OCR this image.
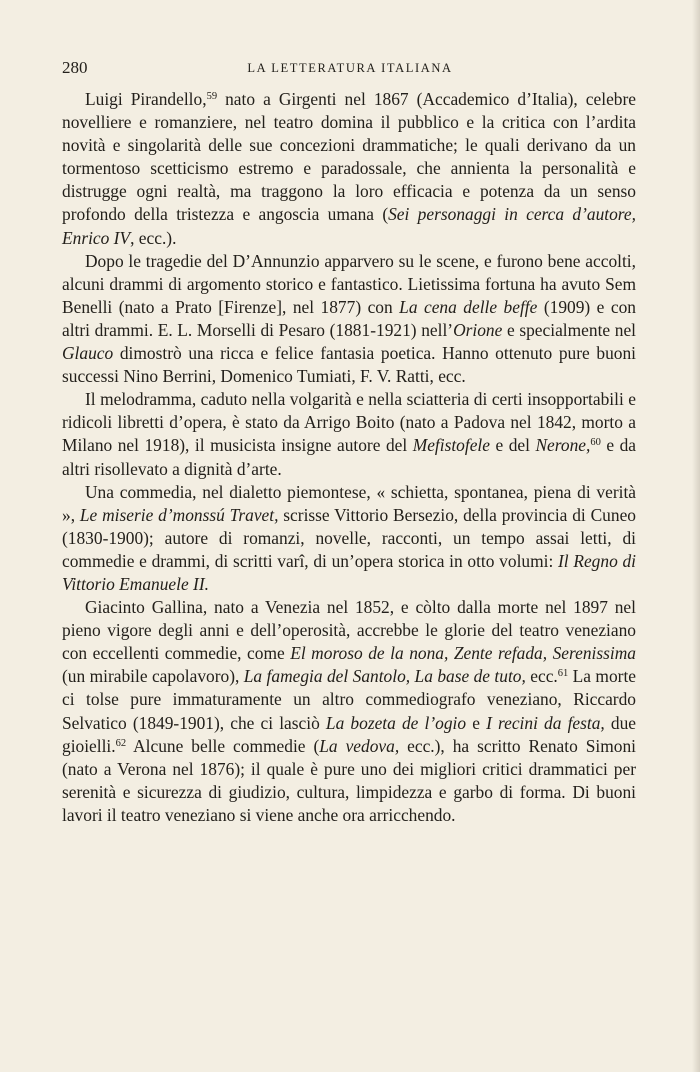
280	LA LETTERATURA ITALIANA

Luigi Pirandello,$^{59}$ nato a Girgenti nel 1867 (Accademico d’Italia), celebre novelliere e romanziere, nel teatro domina il pubblico e la critica con l’ardita novità e singolarità delle sue concezioni drammatiche; le quali derivano da un tormentoso scetticismo estremo e paradossale, che annienta la personalità e distrugge ogni realtà, ma traggono la loro efficacia e potenza da un senso profondo della tristezza e angoscia umana (Sei personaggi in cerca d’autore, Enrico IV, ecc.).

Dopo le tragedie del D’Annunzio apparvero su le scene, e furono bene accolti, alcuni drammi di argomento storico e fantastico. Lietissima fortuna ha avuto Sem Benelli (nato a Prato [Firenze], nel 1877) con La cena delle beffe (1909) e con altri drammi. E. L. Morselli di Pesaro (1881-1921) nell’Orione e specialmente nel Glauco dimostrò una ricca e felice fantasia poetica. Hanno ottenuto pure buoni successi Nino Berrini, Domenico Tumiati, F. V. Ratti, ecc.

Il melodramma, caduto nella volgarità e nella sciatteria di certi insopportabili e ridicoli libretti d’opera, è stato da Arrigo Boito (nato a Padova nel 1842, morto a Milano nel 1918), il musicista insigne autore del Mefistofele e del Nerone,$^{60}$ e da altri risollevato a dignità d’arte.

Una commedia, nel dialetto piemontese, « schietta, spontanea, piena di verità », Le miserie d’monssú Travet, scrisse Vittorio Bersezio, della provincia di Cuneo (1830-1900); autore di romanzi, novelle, racconti, un tempo assai letti, di commedie e drammi, di scritti varî, di un’opera storica in otto volumi: Il Regno di Vittorio Emanuele II.

Giacinto Gallina, nato a Venezia nel 1852, e còlto dalla morte nel 1897 nel pieno vigore degli anni e dell’operosità, accrebbe le glorie del teatro veneziano con eccellenti commedie, come El moroso de la nona, Zente refada, Serenissima (un mirabile capolavoro), La famegia del Santolo, La base de tuto, ecc.$^{61}$ La morte ci tolse pure immaturamente un altro commediografo veneziano, Riccardo Selvatico (1849-1901), che ci lasciò La bozeta de l’ogio e I recini da festa, due gioielli.$^{62}$ Alcune belle commedie (La vedova, ecc.), ha scritto Renato Simoni (nato a Verona nel 1876); il quale è pure uno dei migliori critici drammatici per serenità e sicurezza di giudizio, cultura, limpidezza e garbo di forma. Di buoni lavori il teatro veneziano si viene anche ora arricchendo.
